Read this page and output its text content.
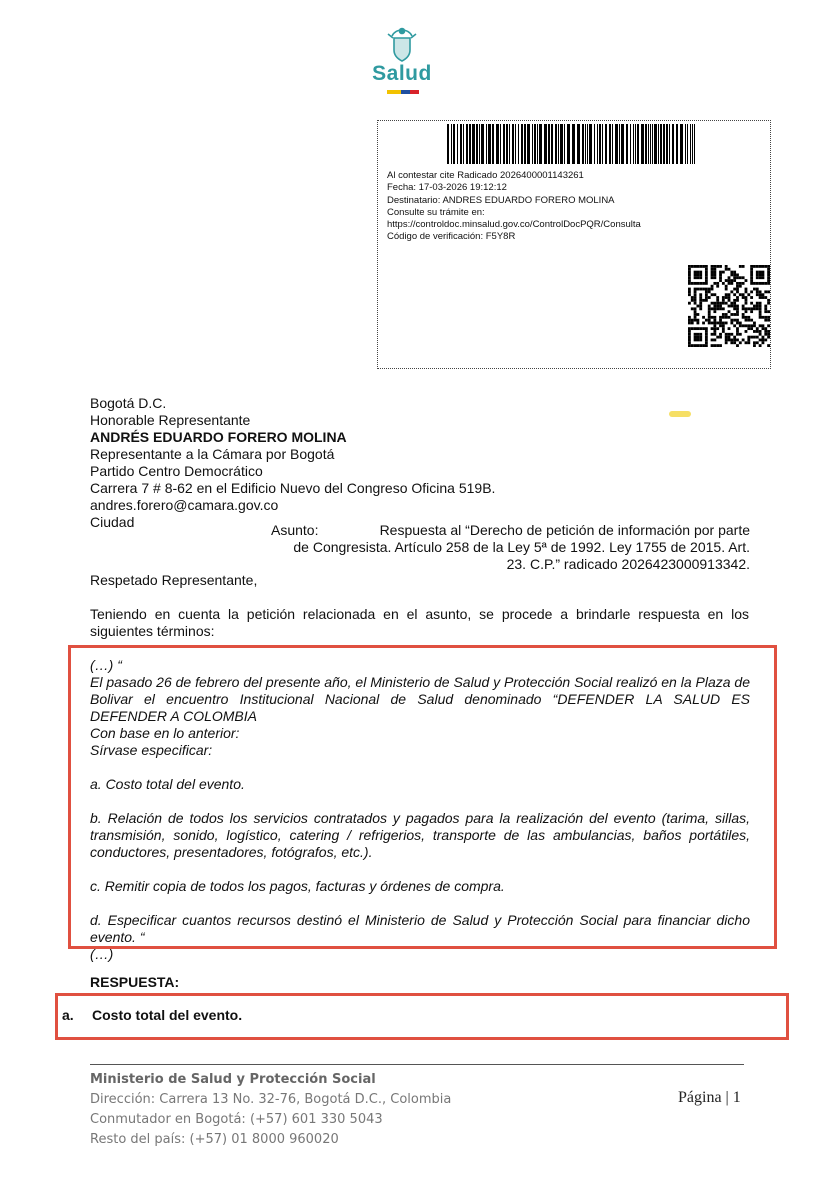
Salud
Al contestar cite Radicado 2026400001143261
Fecha: 17-03-2026 19:12:12
Destinatario: ANDRES EDUARDO FORERO MOLINA
Consulte su trámite en:
https://controldoc.minsalud.gov.co/ControlDocPQR/Consulta
Código de verificación: F5Y8R
Bogotá D.C.
Honorable Representante
ANDRÉS EDUARDO FORERO MOLINA
Representante a la Cámara por Bogotá
Partido Centro Democrático
Carrera 7 # 8-62 en el Edificio Nuevo del Congreso Oficina 519B.
andres.forero@camara.gov.co
Ciudad	Asunto:	Respuesta al “Derecho de petición de información por parte
de Congresista. Artículo 258 de la Ley 5ª de 1992. Ley 1755 de 2015. Art.
23. C.P.” radicado 2026423000913342.
Respetado Representante,
Teniendo en cuenta la petición relacionada en el asunto, se procede a brindarle respuesta en los siguientes términos:

(…) “

El pasado 26 de febrero del presente año, el Ministerio de Salud y Protección Social realizó en la Plaza de Bolivar el encuentro Institucional Nacional de Salud denominado “DEFENDER LA SALUD ES DEFENDER A COLOMBIA

Con base en lo anterior:

Sírvase especificar:

a. Costo total del evento.

b. Relación de todos los servicios contratados y pagados para la realización del evento (tarima, sillas, transmisión, sonido, logístico, catering / refrigerios, transporte de las ambulancias, baños portátiles, conductores, presentadores, fotógrafos, etc.).

c. Remitir copia de todos los pagos, facturas y órdenes de compra.

d. Especificar cuantos recursos destinó el Ministerio de Salud y Protección Social para financiar dicho evento. “

(…)

RESPUESTA:
a. Costo total del evento.
Ministerio de Salud y Protección Social
Dirección: Carrera 13 No. 32-76, Bogotá D.C., Colombia
Conmutador en Bogotá: (+57) 601 330 5043
Resto del país: (+57) 01 8000 960020
Página | 1
